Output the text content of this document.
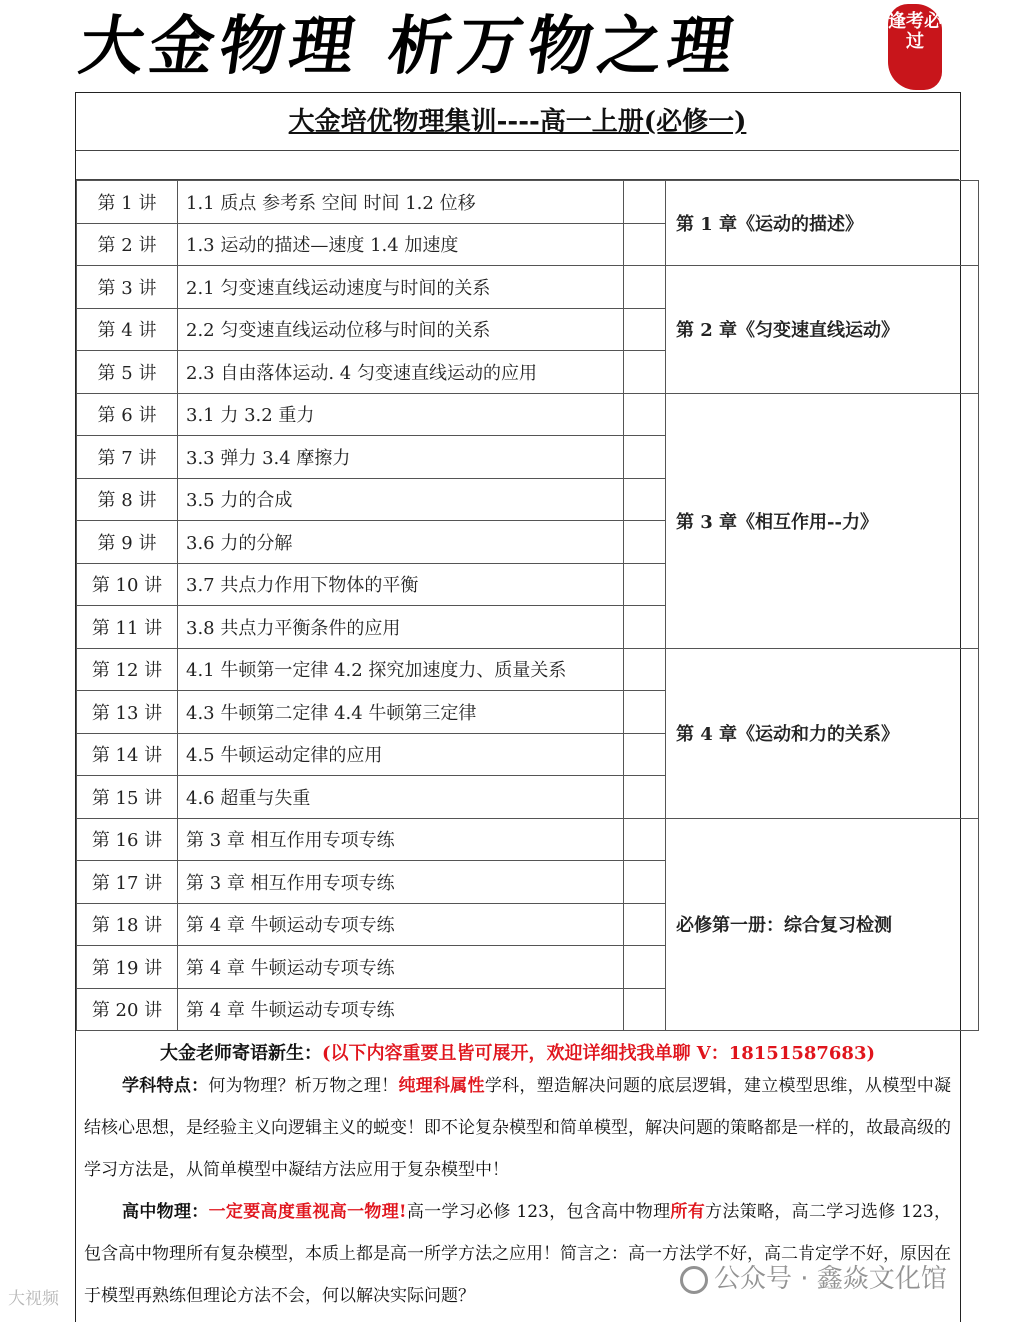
大金物理 析万物之理	逢考必过
大金培优物理集训----高一上册(必修一)
第 1 讲	1.1 质点 参考系 空间 时间 1.2 位移		第 1 章《运动的描述》
第 2 讲	1.3 运动的描述—速度 1.4 加速度		
第 3 讲	2.1 匀变速直线运动速度与时间的关系		第 2 章《匀变速直线运动》
第 4 讲	2.2 匀变速直线运动位移与时间的关系		
第 5 讲	2.3 自由落体运动. 4 匀变速直线运动的应用		
第 6 讲	3.1 力 3.2 重力		第 3 章《相互作用--力》
第 7 讲	3.3 弹力 3.4 摩擦力		
第 8 讲	3.5 力的合成		
第 9 讲	3.6 力的分解		
第 10 讲	3.7 共点力作用下物体的平衡		
第 11 讲	3.8 共点力平衡条件的应用		
第 12 讲	4.1 牛顿第一定律 4.2 探究加速度力、质量关系		第 4 章《运动和力的关系》
第 13 讲	4.3 牛顿第二定律 4.4 牛顿第三定律		
第 14 讲	4.5 牛顿运动定律的应用		
第 15 讲	4.6 超重与失重		
第 16 讲	第 3 章 相互作用专项专练		必修第一册：综合复习检测
第 17 讲	第 3 章 相互作用专项专练		
第 18 讲	第 4 章 牛顿运动专项专练		
第 19 讲	第 4 章 牛顿运动专项专练		
第 20 讲	第 4 章 牛顿运动专项专练		
大金老师寄语新生：(以下内容重要且皆可展开，欢迎详细找我单聊 V：18151587683)
学科特点：何为物理？析万物之理！纯理科属性学科，塑造解决问题的底层逻辑，建立模型思维，从模型中凝结核心思想，是经验主义向逻辑主义的蜕变！即不论复杂模型和简单模型，解决问题的策略都是一样的，故最高级的学习方法是，从简单模型中凝结方法应用于复杂模型中！
高中物理：一定要高度重视高一物理!高一学习必修 123，包含高中物理所有方法策略，高二学习选修 123，包含高中物理所有复杂模型，本质上都是高一所学方法之应用！简言之：高一方法学不好，高二肯定学不好，原因在于模型再熟练但理论方法不会，何以解决实际问题？
公众号 · 鑫焱文化馆
大视频
